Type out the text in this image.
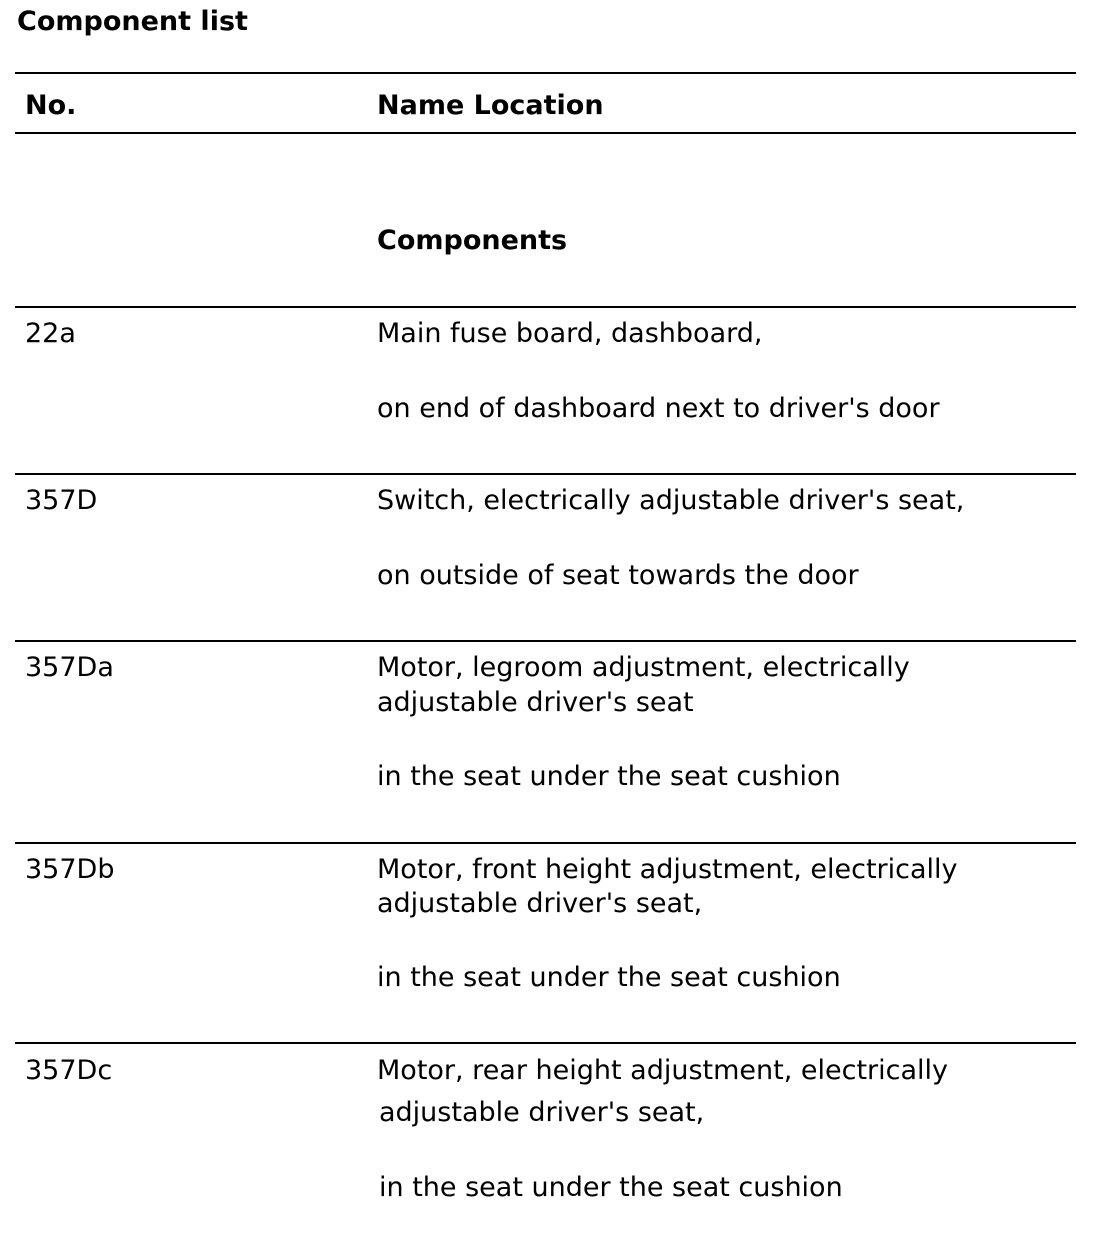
Component list
No.	Name Location
Components
22a	Main fuse board, dashboard,
on end of dashboard next to driver's door
357D	Switch, electrically adjustable driver's seat,
on outside of seat towards the door
357Da	Motor, legroom adjustment, electrically
adjustable driver's seat
in the seat under the seat cushion
357Db	Motor, front height adjustment, electrically
adjustable driver's seat,
in the seat under the seat cushion
357Dc	Motor, rear height adjustment, electrically
adjustable driver's seat,
in the seat under the seat cushion
